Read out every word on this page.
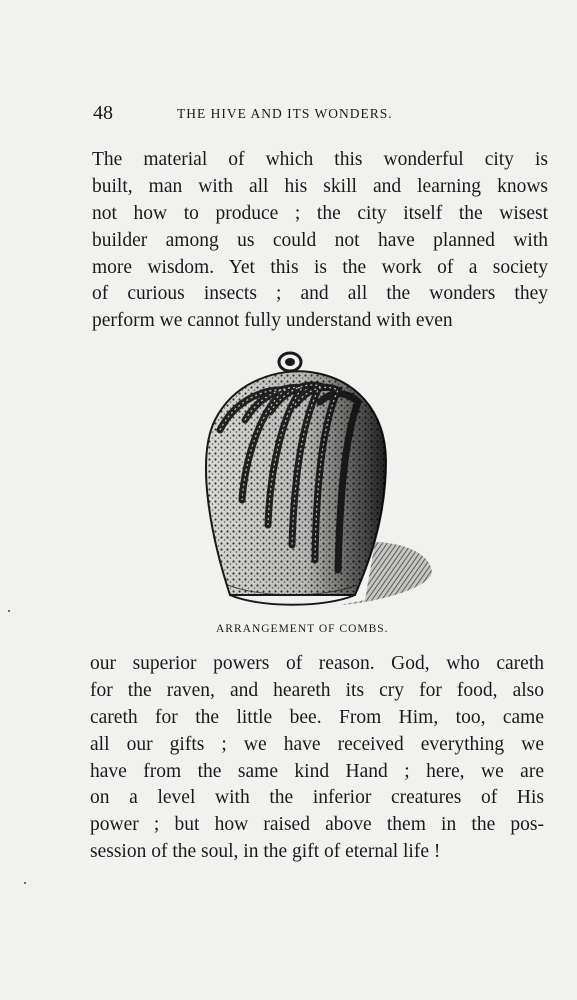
48	THE HIVE AND ITS WONDERS.
The material of which this wonderful city is
built, man with all his skill and learning knows
not how to produce ; the city itself the wisest
builder among us could not have planned with
more wisdom. Yet this is the work of a society
of curious insects ; and all the wonders they
perform we cannot fully understand with even
ARRANGEMENT OF COMBS.
our superior powers of reason. God, who careth
for the raven, and heareth its cry for food, also
careth for the little bee. From Him, too, came
all our gifts ; we have received everything we
have from the same kind Hand ; here, we are
on a level with the inferior creatures of His
power ; but how raised above them in the pos-
session of the soul, in the gift of eternal life !
